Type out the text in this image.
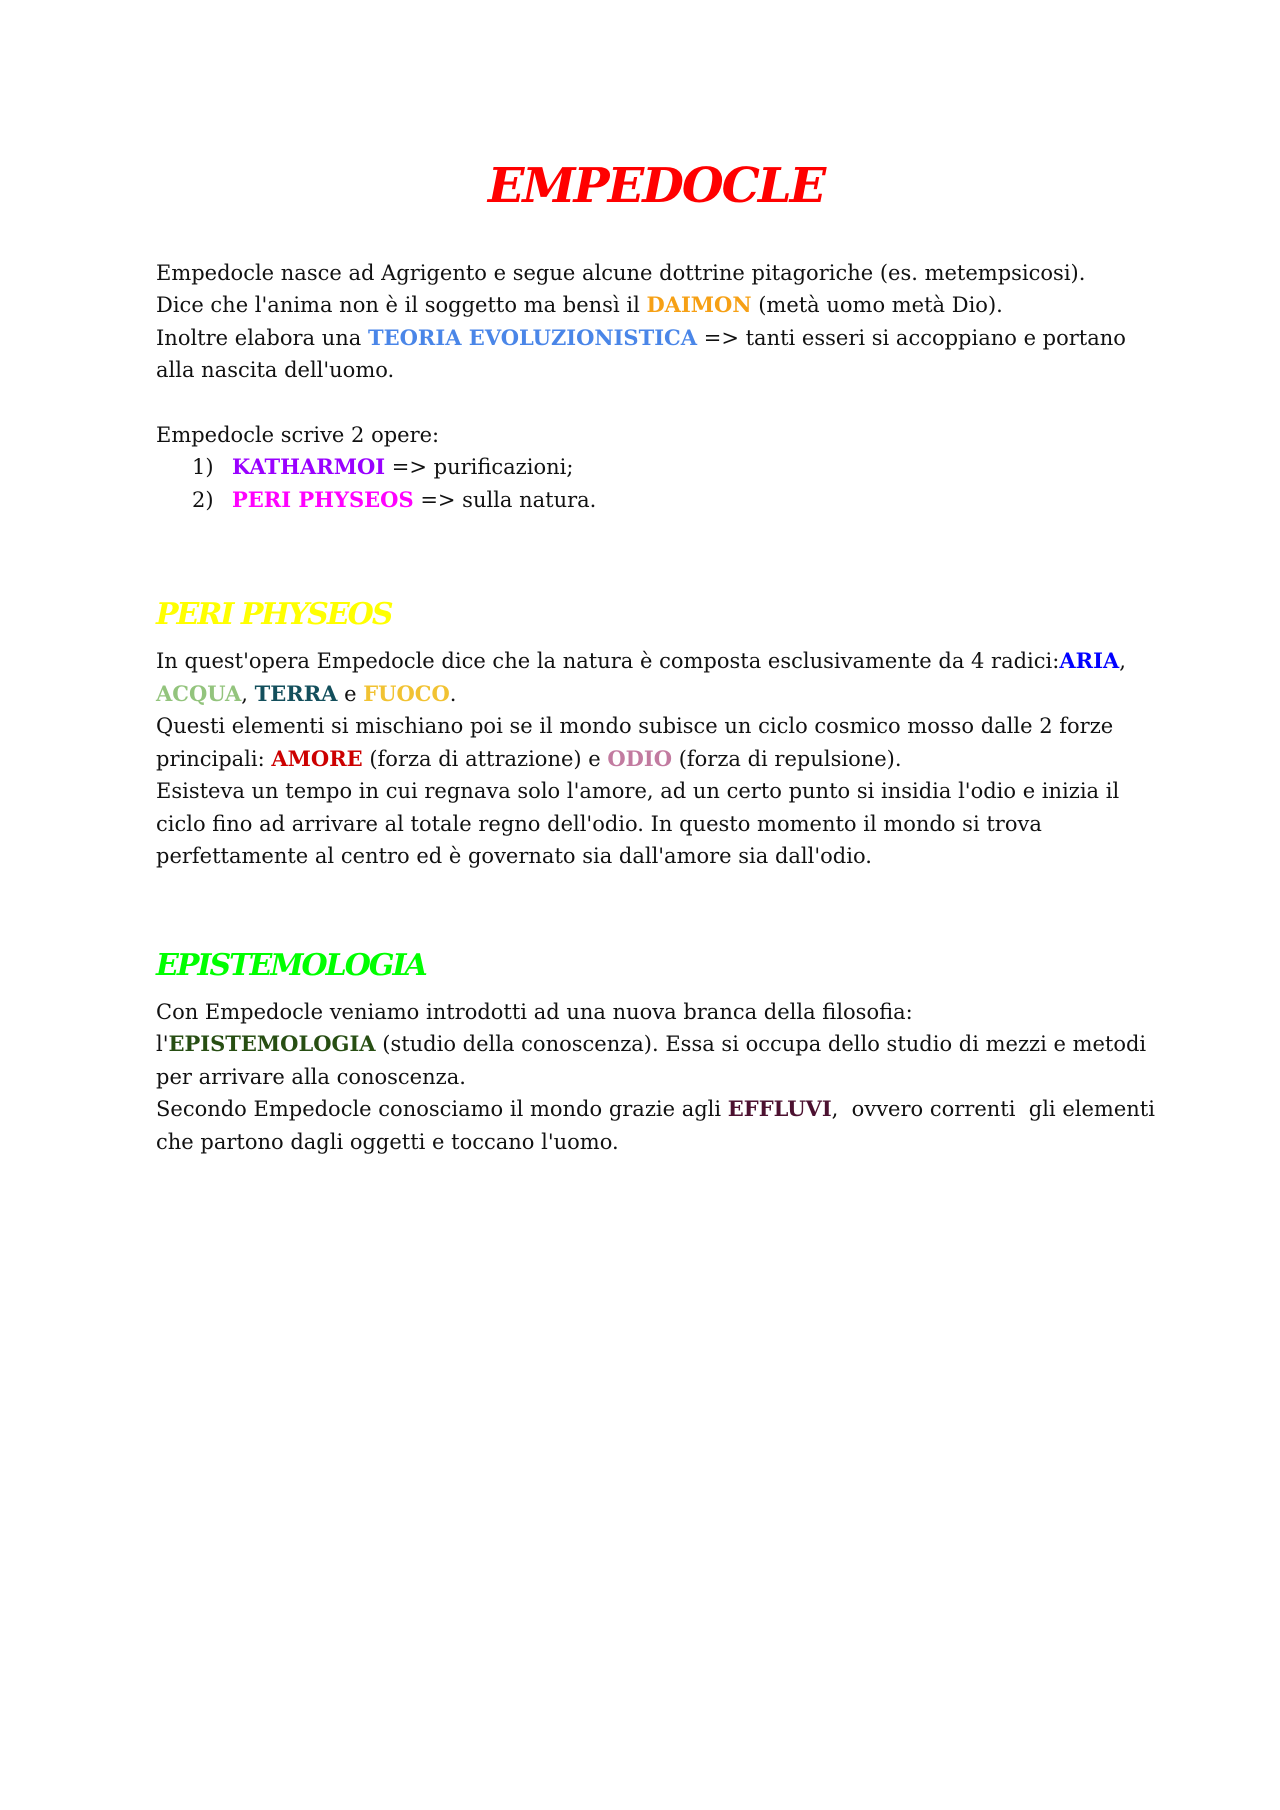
EMPEDOCLE

Empedocle nasce ad Agrigento e segue alcune dottrine pitagoriche (es. metempsicosi).
Dice che l'anima non è il soggetto ma bensì il DAIMON (metà uomo metà Dio).
Inoltre elabora una TEORIA EVOLUZIONISTICA => tanti esseri si accoppiano e portano alla nascita dell'uomo.

Empedocle scrive 2 opere:

1) KATHARMOI => purificazioni;
2) PERI PHYSEOS => sulla natura.
PERI PHYSEOS

In quest'opera Empedocle dice che la natura è composta esclusivamente da 4 radici:ARIA, ACQUA, TERRA e FUOCO.
Questi elementi si mischiano poi se il mondo subisce un ciclo cosmico mosso dalle 2 forze principali: AMORE (forza di attrazione) e ODIO (forza di repulsione).
Esisteva un tempo in cui regnava solo l'amore, ad un certo punto si insidia l'odio e inizia il ciclo fino ad arrivare al totale regno dell'odio. In questo momento il mondo si trova perfettamente al centro ed è governato sia dall'amore sia dall'odio.

EPISTEMOLOGIA

Con Empedocle veniamo introdotti ad una nuova branca della filosofia:
l'EPISTEMOLOGIA (studio della conoscenza). Essa si occupa dello studio di mezzi e metodi per arrivare alla conoscenza.
Secondo Empedocle conosciamo il mondo grazie agli EFFLUVI,  ovvero correnti  gli elementi che partono dagli oggetti e toccano l'uomo.
